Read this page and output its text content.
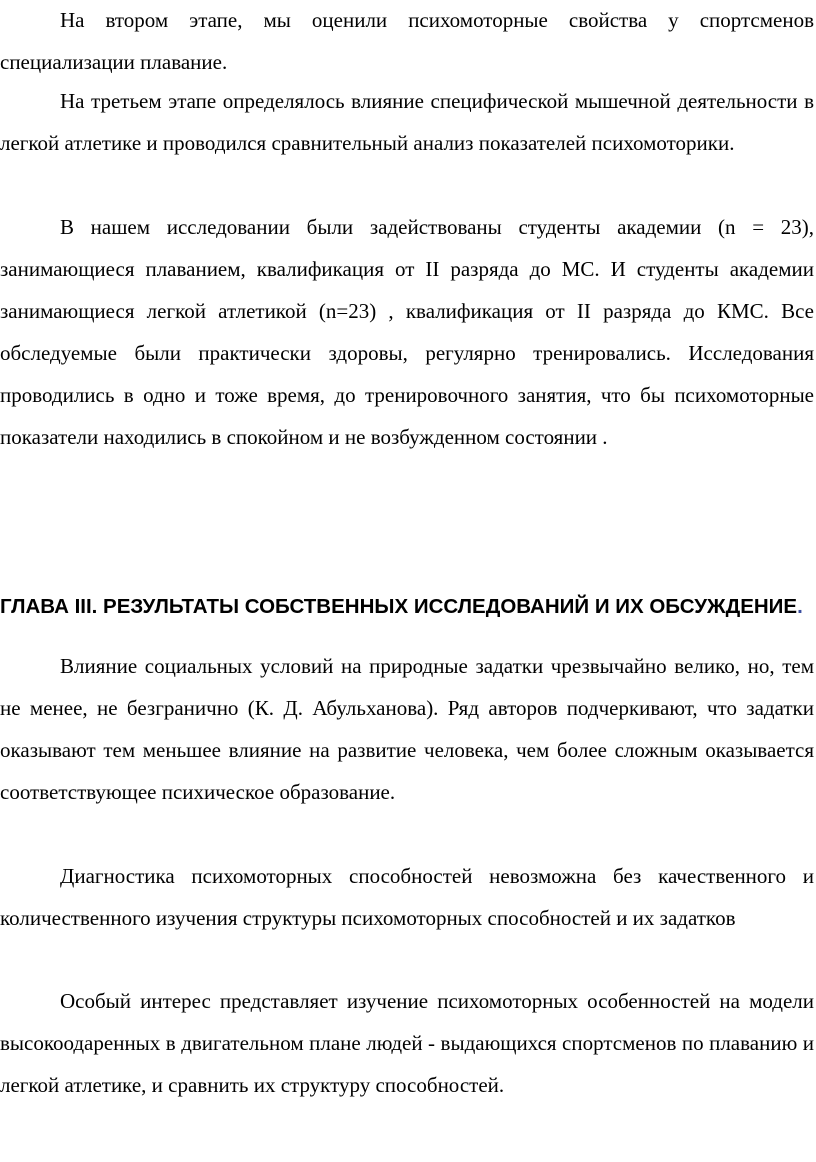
На втором этапе, мы оценили психомоторные свойства у спортсменов специализации плавание.

На третьем этапе определялось влияние специфической мышечной деятельности в легкой атлетике и проводился сравнительный анализ показателей психомоторики.

В нашем исследовании были задействованы студенты академии (n = 23), занимающиеся плаванием, квалификация от II разряда до МС. И студенты академии занимающиеся легкой атлетикой (n=23) , квалификация от II разряда до КМС. Все обследуемые были практически здоровы, регулярно тренировались. Исследования проводились в одно и тоже время, до тренировочного занятия, что бы психомоторные показатели находились в спокойном и не возбужденном состоянии .

ГЛАВА III. РЕЗУЛЬТАТЫ СОБСТВЕННЫХ ИССЛЕДОВАНИЙ И ИХ ОБСУЖДЕНИЕ.

Влияние социальных условий на природные задатки чрезвычайно велико, но, тем не менее, не безгранично (К. Д. Абульханова). Ряд авторов подчеркивают, что задатки оказывают тем меньшее влияние на развитие человека, чем более сложным оказывается соответствующее психическое образование.

Диагностика психомоторных способностей невозможна без качественного и количественного изучения структуры психомоторных способностей и их задатков

Особый интерес представляет изучение психомоторных особенностей на модели высокоодаренных в двигательном плане людей - выдающихся спортсменов по плаванию и легкой атлетике, и сравнить их структуру способностей.
